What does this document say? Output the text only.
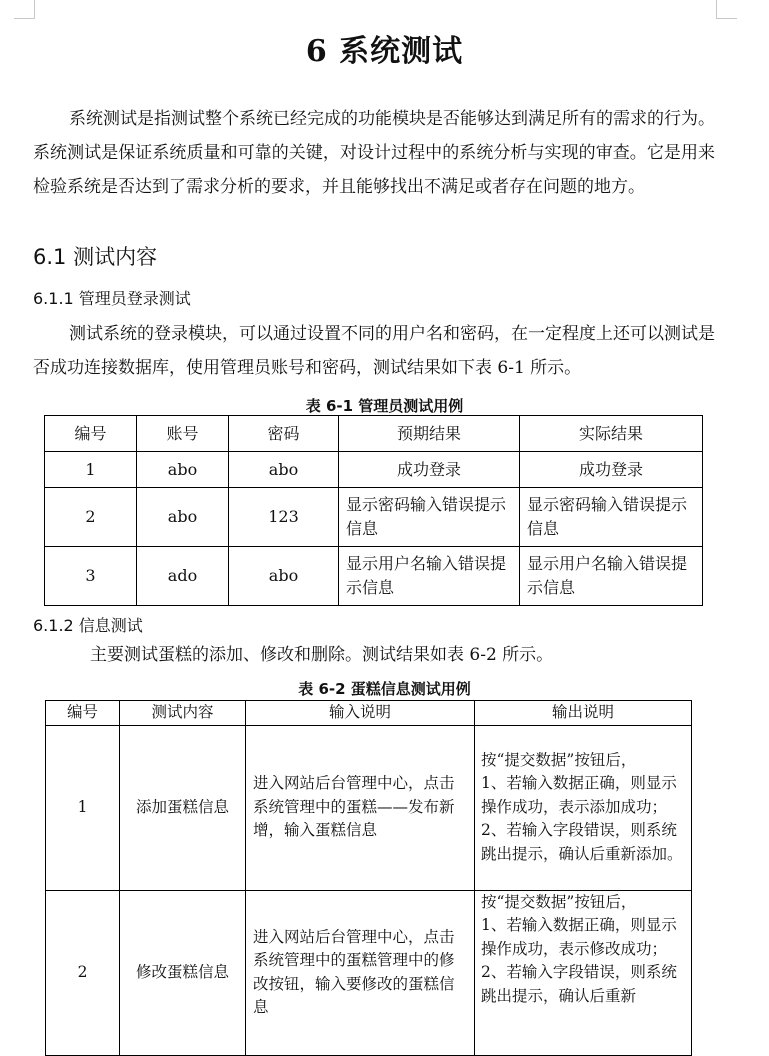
6 系统测试
系统测试是指测试整个系统已经完成的功能模块是否能够达到满足所有的需求的行为。系统测试是保证系统质量和可靠的关键，对设计过程中的系统分析与实现的审查。它是用来检验系统是否达到了需求分析的要求，并且能够找出不满足或者存在问题的地方。
6.1 测试内容
6.1.1 管理员登录测试
测试系统的登录模块，可以通过设置不同的用户名和密码，在一定程度上还可以测试是否成功连接数据库，使用管理员账号和密码，测试结果如下表 6-1 所示。
表 6-1 管理员测试用例
编号	账号	密码	预期结果	实际结果
1	abo	abo	成功登录	成功登录
2	abo	123	显示密码输入错误提示信息	显示密码输入错误提示信息
3	ado	abo	显示用户名输入错误提示信息	显示用户名输入错误提示信息
6.1.2 信息测试
主要测试蛋糕的添加、修改和删除。测试结果如表 6-2 所示。
表 6-2 蛋糕信息测试用例
编号	测试内容	输入说明	输出说明
1	添加蛋糕信息	进入网站后台管理中心，点击系统管理中的蛋糕——发布新增，输入蛋糕信息	按“提交数据”按钮后，
1、若输入数据正确，则显示操作成功，表示添加成功；
2、若输入字段错误，则系统跳出提示，确认后重新添加。

2	修改蛋糕信息	进入网站后台管理中心，点击系统管理中的蛋糕管理中的修改按钮，输入要修改的蛋糕信息	按“提交数据”按钮后，
1、若输入数据正确，则显示操作成功，表示修改成功；
2、若输入字段错误，则系统跳出提示，确认后重新
